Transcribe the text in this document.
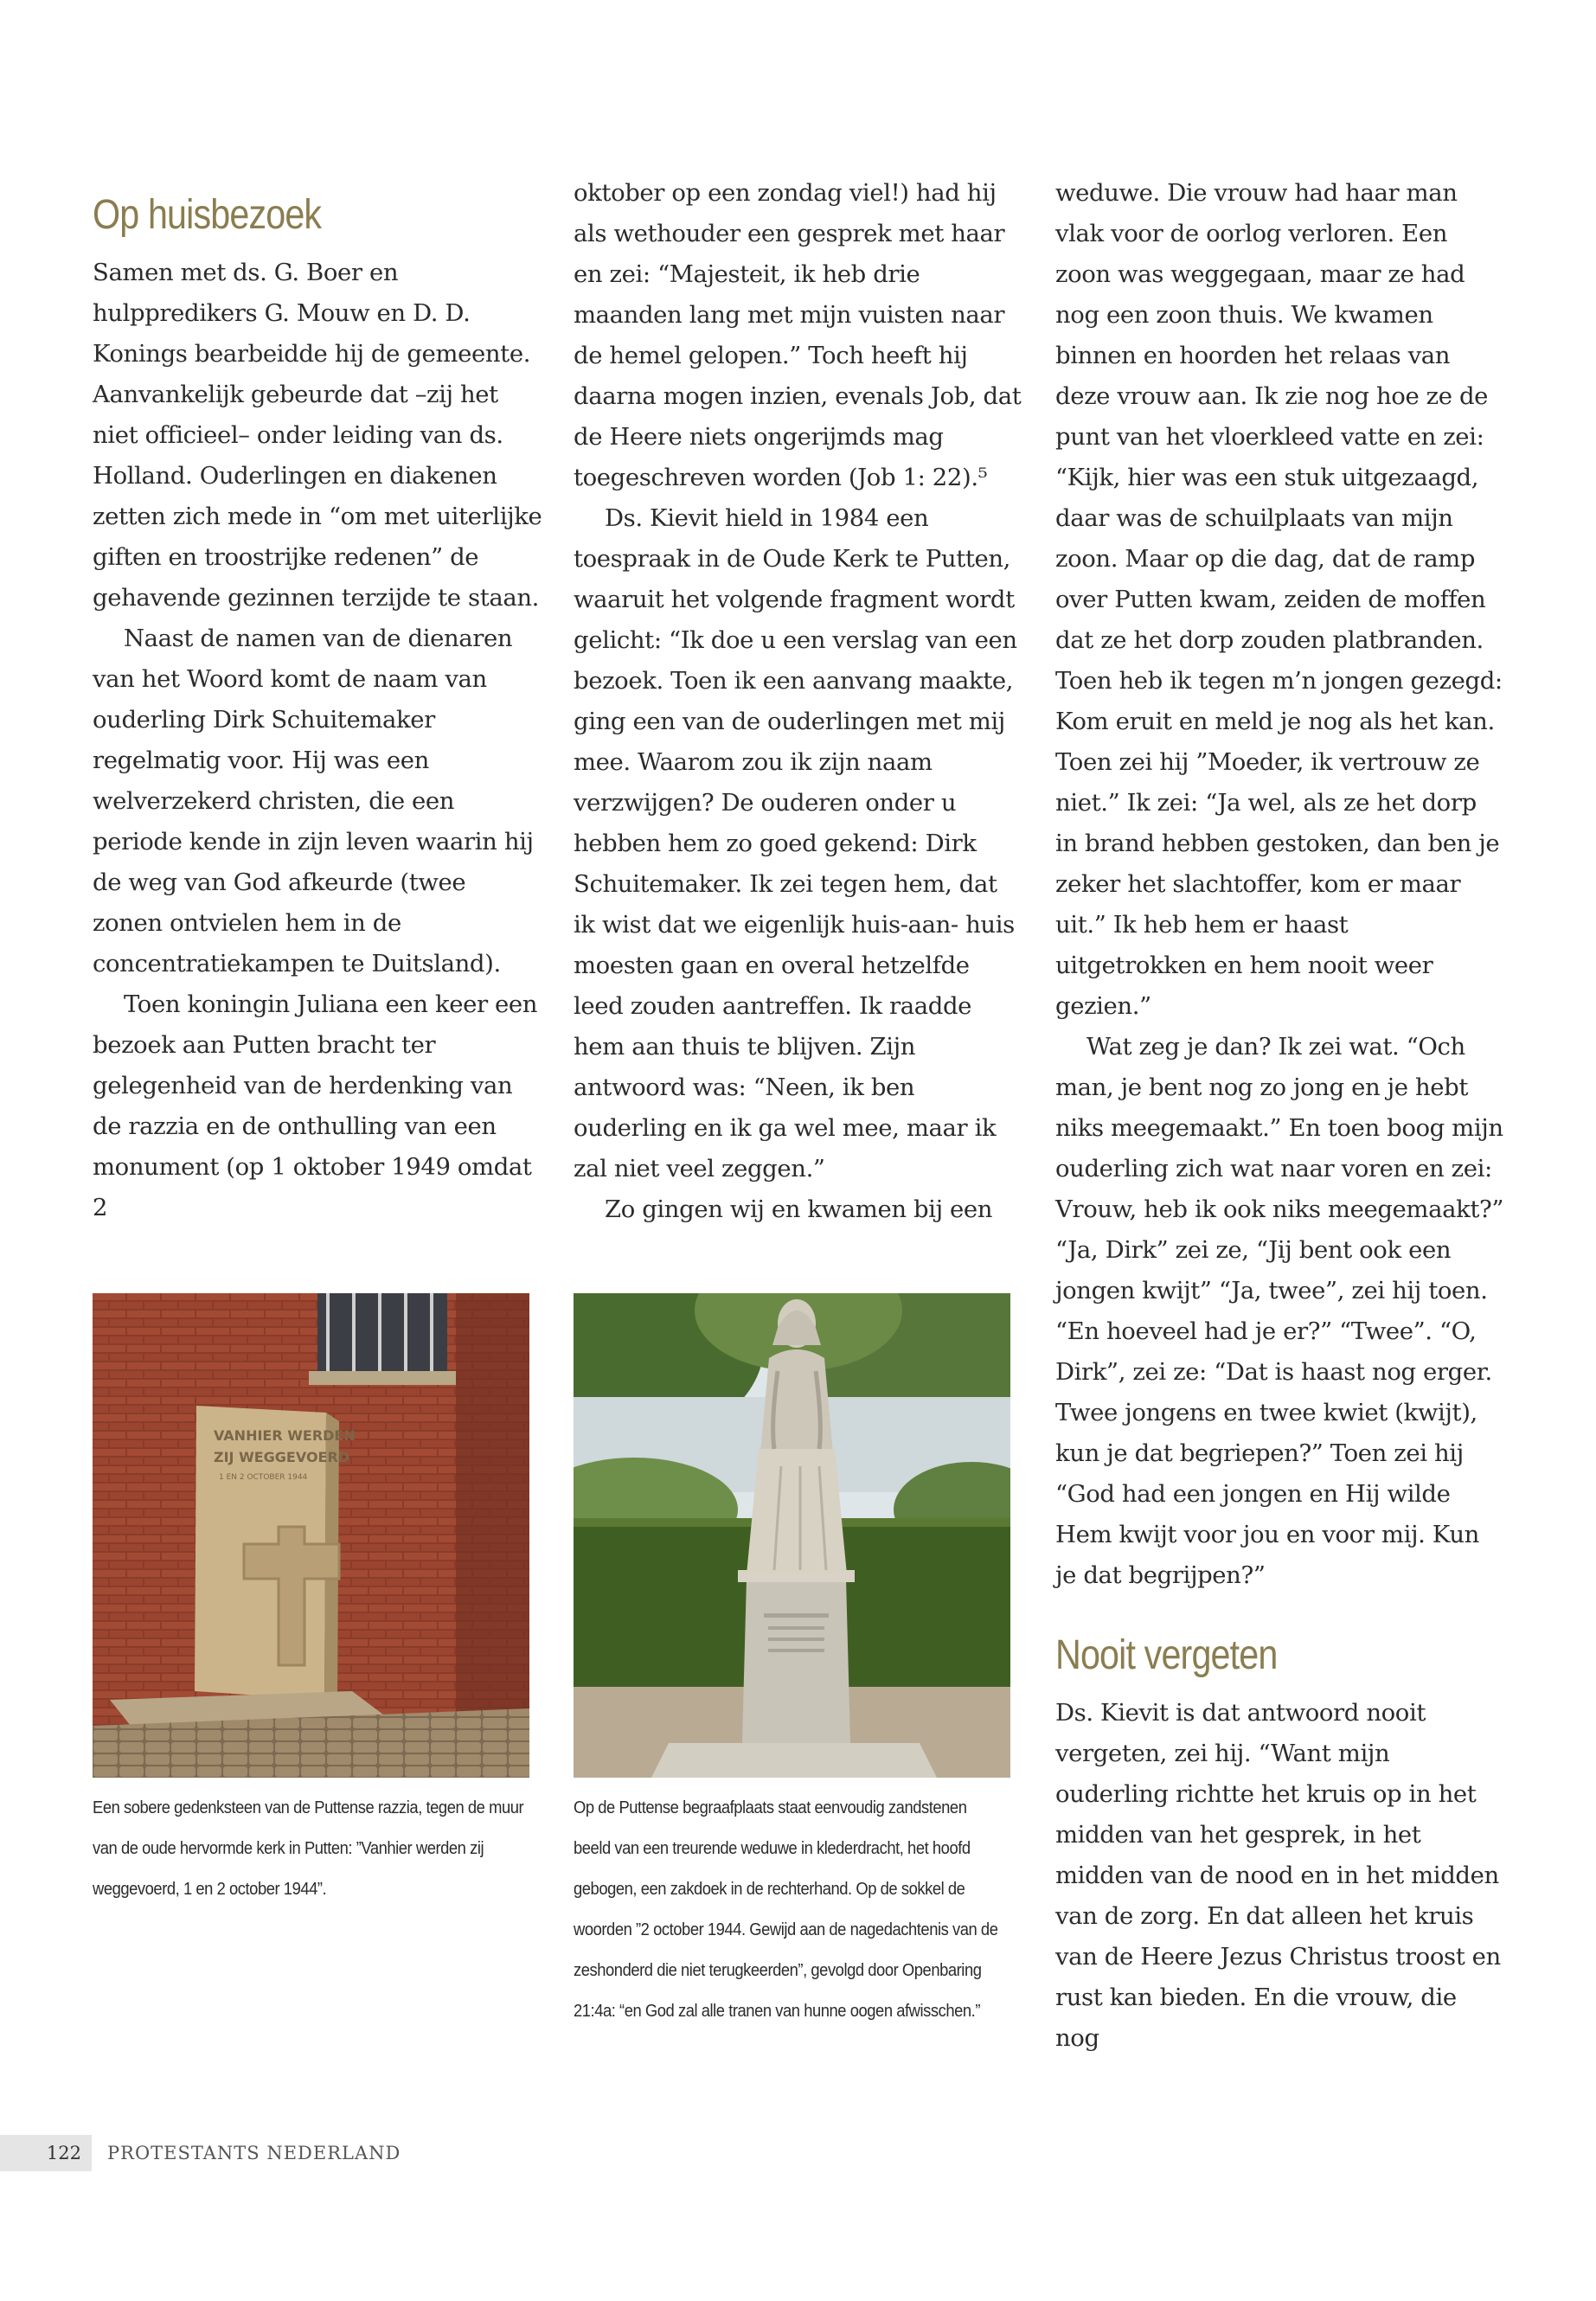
Op huisbezoek

Samen met ds. G. Boer en hulppredikers G. Mouw en D. D. Konings bearbeidde hij de gemeente. Aanvankelijk gebeurde dat –zij het niet officieel– onder leiding van ds. Holland. Ouderlingen en diakenen zetten zich mede in “om met uiterlijke giften en troostrijke redenen” de gehavende gezinnen terzijde te staan.

Naast de namen van de dienaren van het Woord komt de naam van ouderling Dirk Schuitemaker regelmatig voor. Hij was een welverzekerd christen, die een periode kende in zijn leven waarin hij de weg van God afkeurde (twee zonen ontvielen hem in de concentratiekampen te Duitsland).

Toen koningin Juliana een keer een bezoek aan Putten bracht ter gelegenheid van de herdenking van de razzia en de onthulling van een monument (op 1 oktober 1949 omdat 2

oktober op een zondag viel!) had hij als wethouder een gesprek met haar en zei: “Majesteit, ik heb drie maanden lang met mijn vuisten naar de hemel gelopen.” Toch heeft hij daarna mogen inzien, evenals Job, dat de Heere niets ongerijmds mag toegeschreven worden (Job 1: 22).⁵

Ds. Kievit hield in 1984 een toespraak in de Oude Kerk te Putten, waaruit het volgende fragment wordt gelicht: “Ik doe u een verslag van een bezoek. Toen ik een aanvang maakte, ging een van de ouderlingen met mij mee. Waarom zou ik zijn naam verzwijgen? De ouderen onder u hebben hem zo goed gekend: Dirk Schuitemaker. Ik zei tegen hem, dat ik wist dat we eigenlijk huis-aan- huis moesten gaan en overal hetzelfde leed zouden aantreffen. Ik raadde hem aan thuis te blijven. Zijn antwoord was: “Neen, ik ben ouderling en ik ga wel mee, maar ik zal niet veel zeggen.”

Zo gingen wij en kwamen bij een

weduwe. Die vrouw had haar man vlak voor de oorlog verloren. Een zoon was weggegaan, maar ze had nog een zoon thuis. We kwamen binnen en hoorden het relaas van deze vrouw aan. Ik zie nog hoe ze de punt van het vloerkleed vatte en zei: “Kijk, hier was een stuk uitgezaagd, daar was de schuilplaats van mijn zoon. Maar op die dag, dat de ramp over Putten kwam, zeiden de moffen dat ze het dorp zouden platbranden. Toen heb ik tegen m’n jongen gezegd: Kom eruit en meld je nog als het kan. Toen zei hij ”Moeder, ik vertrouw ze niet.” Ik zei: “Ja wel, als ze het dorp in brand hebben gestoken, dan ben je zeker het slachtoffer, kom er maar uit.” Ik heb hem er haast uitgetrokken en hem nooit weer gezien.”

Wat zeg je dan? Ik zei wat. “Och man, je bent nog zo jong en je hebt niks meegemaakt.” En toen boog mijn ouderling zich wat naar voren en zei: Vrouw, heb ik ook niks meegemaakt?” “Ja, Dirk” zei ze, “Jij bent ook een jongen kwijt” “Ja, twee”, zei hij toen. “En hoeveel had je er?” “Twee”. “O, Dirk”, zei ze: “Dat is haast nog erger. Twee jongens en twee kwiet (kwijt), kun je dat begriepen?” Toen zei hij “God had een jongen en Hij wilde Hem kwijt voor jou en voor mij. Kun je dat begrijpen?”

Nooit vergeten

Ds. Kievit is dat antwoord nooit vergeten, zei hij. “Want mijn ouderling richtte het kruis op in het midden van het gesprek, in het midden van de nood en in het midden van de zorg. En dat alleen het kruis van de Heere Jezus Christus troost en rust kan bieden. En die vrouw, die nog

VANHIER WERDEN
ZIJ WEGGEVOERD
1 EN 2 OCTOBER 1944
Een sobere gedenksteen van de Puttense razzia, tegen de muur van de oude hervormde kerk in Putten: ”Vanhier werden zij weggevoerd, 1 en 2 october 1944”.
Op de Puttense begraafplaats staat eenvoudig zandstenen beeld van een treurende weduwe in klederdracht, het hoofd gebogen, een zakdoek in de rechterhand. Op de sokkel de woorden ”2 october 1944. Gewijd aan de nagedachtenis van de zeshonderd die niet terugkeerden”, gevolgd door Openbaring 21:4a: “en God zal alle tranen van hunne oogen afwisschen.”
122	PROTESTANTS NEDERLAND
